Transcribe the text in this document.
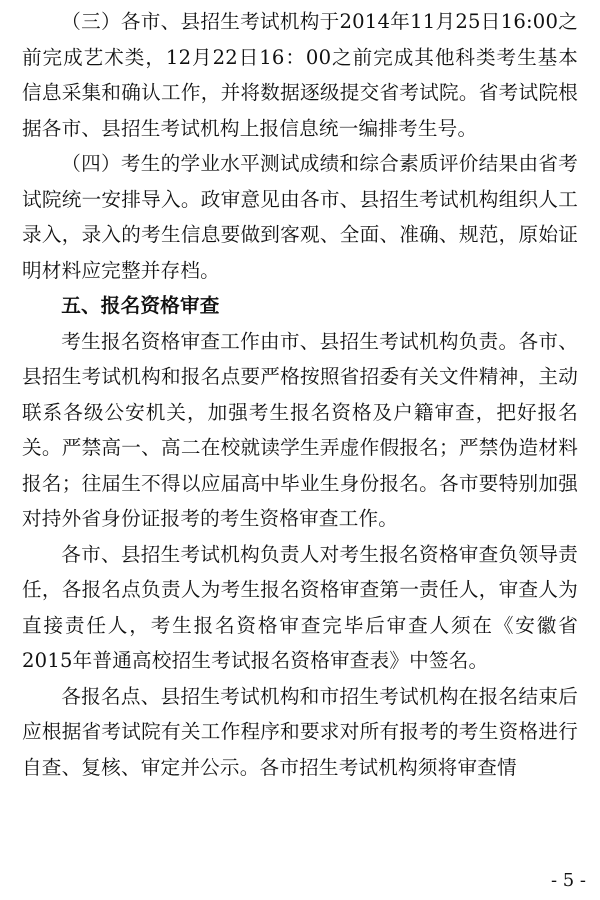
（三）各市、县招生考试机构于2014年11月25日16:00之前完成艺术类，12月22日16：00之前完成其他科类考生基本信息采集和确认工作，并将数据逐级提交省考试院。省考试院根据各市、县招生考试机构上报信息统一编排考生号。

（四）考生的学业水平测试成绩和综合素质评价结果由省考试院统一安排导入。政审意见由各市、县招生考试机构组织人工录入，录入的考生信息要做到客观、全面、准确、规范，原始证明材料应完整并存档。

五、报名资格审查

考生报名资格审查工作由市、县招生考试机构负责。各市、县招生考试机构和报名点要严格按照省招委有关文件精神，主动联系各级公安机关，加强考生报名资格及户籍审查，把好报名关。严禁高一、高二在校就读学生弄虚作假报名；严禁伪造材料报名；往届生不得以应届高中毕业生身份报名。各市要特别加强对持外省身份证报考的考生资格审查工作。

各市、县招生考试机构负责人对考生报名资格审查负领导责任，各报名点负责人为考生报名资格审查第一责任人，审查人为直接责任人，考生报名资格审查完毕后审查人须在《安徽省2015年普通高校招生考试报名资格审查表》中签名。

各报名点、县招生考试机构和市招生考试机构在报名结束后应根据省考试院有关工作程序和要求对所有报考的考生资格进行自查、复核、审定并公示。各市招生考试机构须将审查情

- 5 -
